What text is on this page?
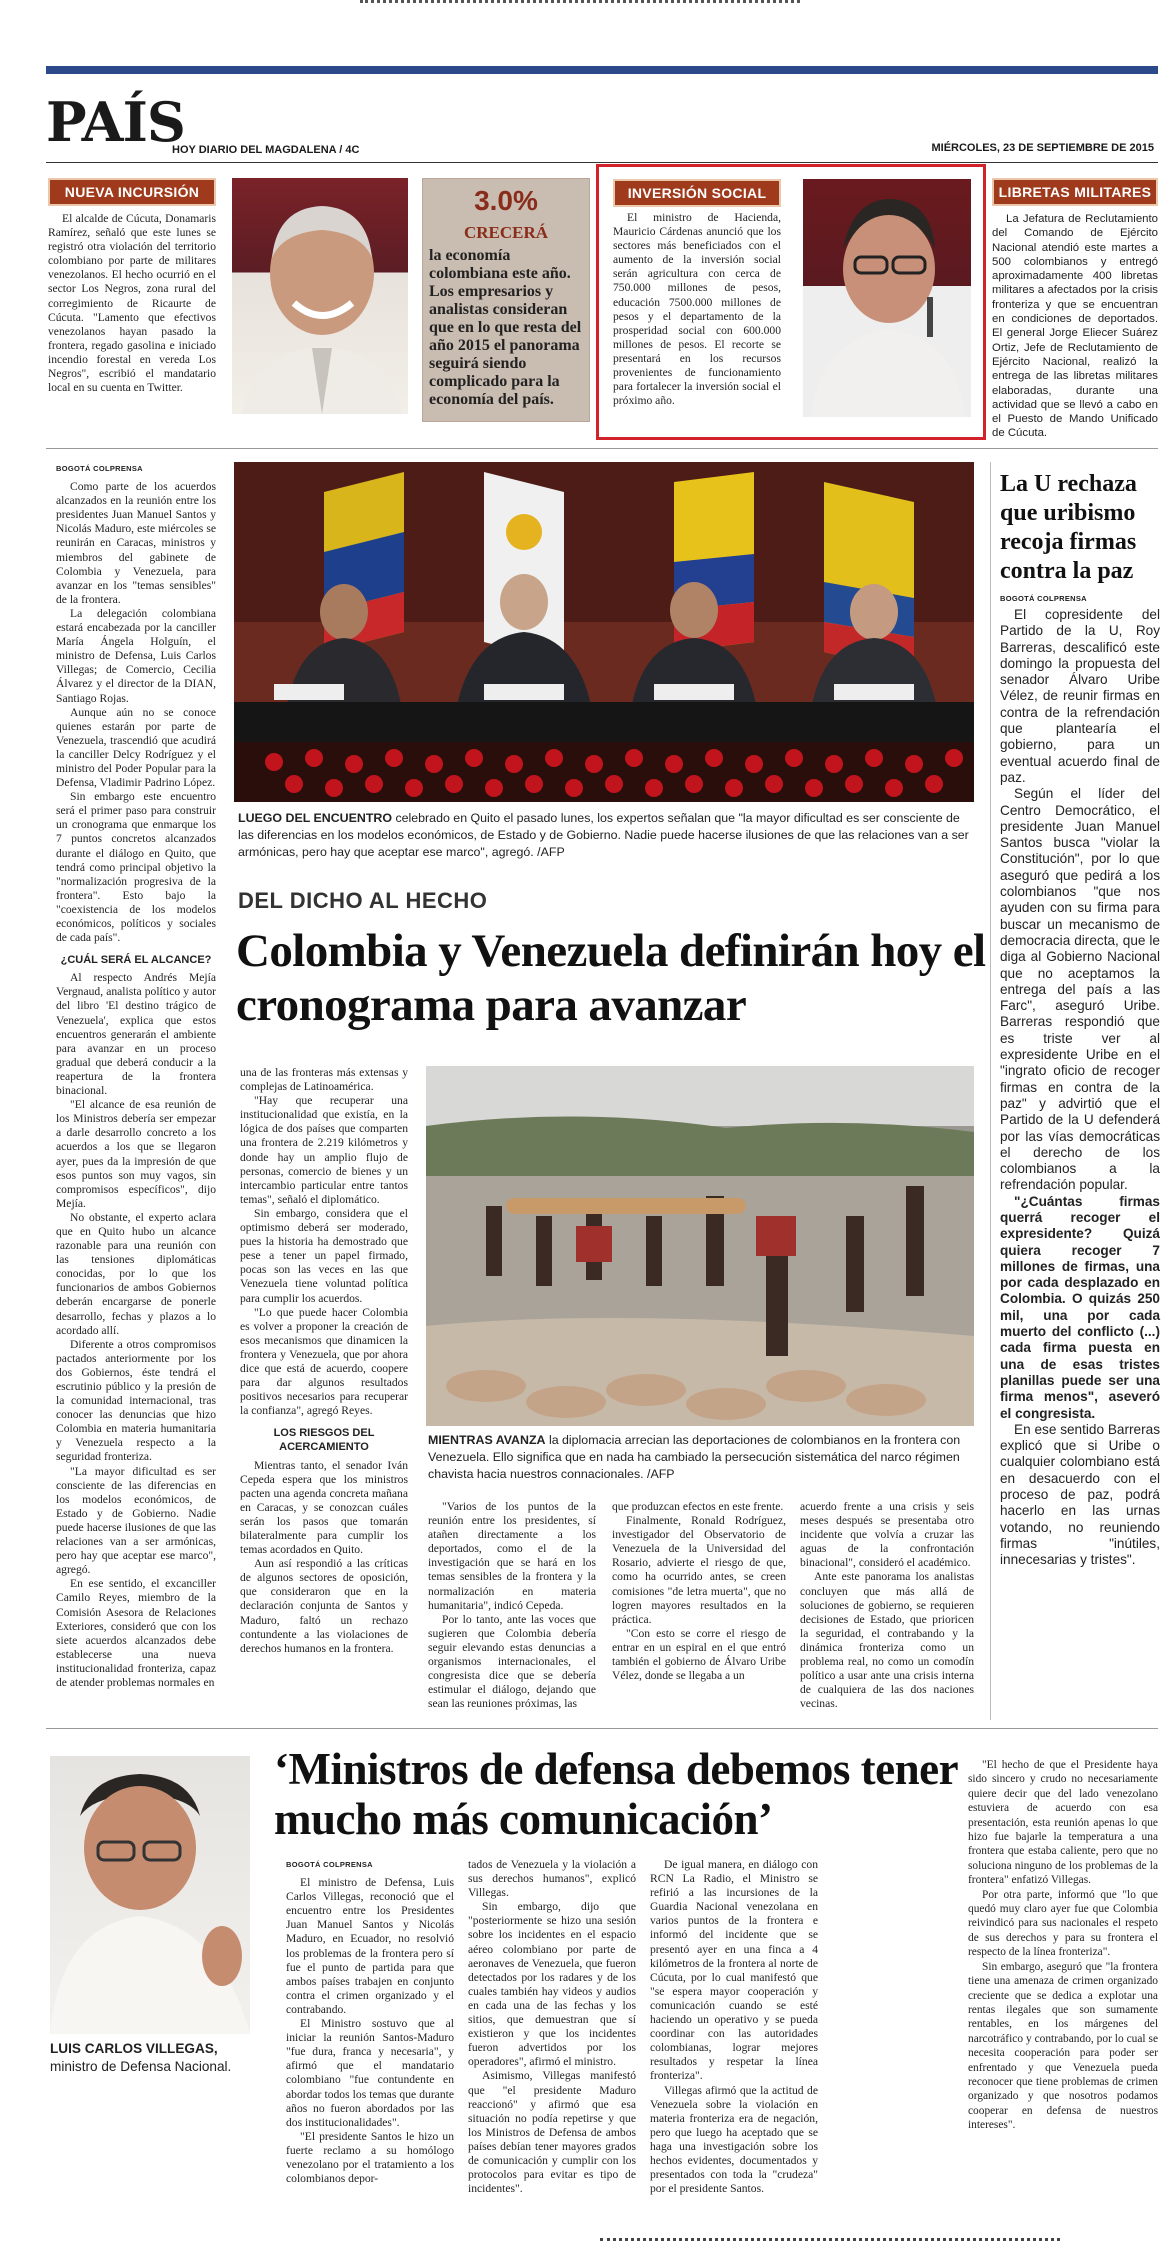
PAÍS
HOY DIARIO DEL MAGDALENA / 4C	MIÉRCOLES, 23 DE SEPTIEMBRE DE 2015
NUEVA INCURSIÓN
El alcalde de Cúcuta, Donamaris Ramírez, señaló que este lunes se registró otra violación del territorio colombiano por parte de militares venezolanos. El hecho ocurrió en el sector Los Negros, zona rural del corregimiento de Ricaurte de Cúcuta. "Lamento que efectivos venezolanos hayan pasado la frontera, regado gasolina e iniciado incendio forestal en vereda Los Negros", escribió el mandatario local en su cuenta en Twitter.
3.0%
CRECERÁ
la economía colombiana este año. Los empresarios y analistas consideran que en lo que resta del año 2015 el panorama seguirá siendo complicado para la economía del país.
INVERSIÓN SOCIAL
El ministro de Hacienda, Mauricio Cárdenas anunció que los sectores más beneficiados con el aumento de la inversión social serán agricultura con cerca de 750.000 millones de pesos, educación 7500.000 millones de pesos y el departamento de la prosperidad social con 600.000 millones de pesos. El recorte se presentará en los recursos provenientes de funcionamiento para fortalecer la inversión social el próximo año.
LIBRETAS MILITARES
La Jefatura de Reclutamiento del Comando de Ejército Nacional atendió este martes a 500 colombianos y entregó aproximadamente 400 libretas militares a afectados por la crisis fronteriza y que se encuentran en condiciones de deportados. El general Jorge Eliecer Suárez Ortiz, Jefe de Reclutamiento de Ejército Nacional, realizó la entrega de las libretas militares elaboradas, durante una actividad que se llevó a cabo en el Puesto de Mando Unificado de Cúcuta.
BOGOTÁ COLPRENSA

Como parte de los acuerdos alcanzados en la reunión entre los presidentes Juan Manuel Santos y Nicolás Maduro, este miércoles se reunirán en Caracas, ministros y miembros del gabinete de Colombia y Venezuela, para avanzar en los "temas sensibles" de la frontera.

La delegación colombiana estará encabezada por la canciller María Ángela Holguín, el ministro de Defensa, Luis Carlos Villegas; de Comercio, Cecilia Álvarez y el director de la DIAN, Santiago Rojas.

Aunque aún no se conoce quienes estarán por parte de Venezuela, trascendió que acudirá la canciller Delcy Rodríguez y el ministro del Poder Popular para la Defensa, Vladimir Padrino López.

Sin embargo este encuentro será el primer paso para construir un cronograma que enmarque los 7 puntos concretos alcanzados durante el diálogo en Quito, que tendrá como principal objetivo la "normalización progresiva de la frontera". Esto bajo la "coexistencia de los modelos económicos, políticos y sociales de cada país".

¿CUÁL SERÁ EL ALCANCE?

Al respecto Andrés Mejía Vergnaud, analista político y autor del libro 'El destino trágico de Venezuela', explica que estos encuentros generarán el ambiente para avanzar en un proceso gradual que deberá conducir a la reapertura de la frontera binacional.

"El alcance de esa reunión de los Ministros debería ser empezar a darle desarrollo concreto a los acuerdos a los que se llegaron ayer, pues da la impresión de que esos puntos son muy vagos, sin compromisos específicos", dijo Mejía.

No obstante, el experto aclara que en Quito hubo un alcance razonable para una reunión con las tensiones diplomáticas conocidas, por lo que los funcionarios de ambos Gobiernos deberán encargarse de ponerle desarrollo, fechas y plazos a lo acordado allí.

Diferente a otros compromisos pactados anteriormente por los dos Gobiernos, éste tendrá el escrutinio público y la presión de la comunidad internacional, tras conocer las denuncias que hizo Colombia en materia humanitaria y Venezuela respecto a la seguridad fronteriza.

"La mayor dificultad es ser consciente de las diferencias en los modelos económicos, de Estado y de Gobierno. Nadie puede hacerse ilusiones de que las relaciones van a ser armónicas, pero hay que aceptar ese marco", agregó.

En ese sentido, el excanciller Camilo Reyes, miembro de la Comisión Asesora de Relaciones Exteriores, consideró que con los siete acuerdos alcanzados debe establecerse una nueva institucionalidad fronteriza, capaz de atender problemas normales en

LUEGO DEL ENCUENTRO celebrado en Quito el pasado lunes, los expertos señalan que "la mayor dificultad es ser consciente de las diferencias en los modelos económicos, de Estado y de Gobierno. Nadie puede hacerse ilusiones de que las relaciones van a ser armónicas, pero hay que aceptar ese marco", agregó. /AFP
DEL DICHO AL HECHO
Colombia y Venezuela definirán hoy el cronograma para avanzar

una de las fronteras más extensas y complejas de Latinoamérica.

"Hay que recuperar una institucionalidad que existía, en la lógica de dos países que comparten una frontera de 2.219 kilómetros y donde hay un amplio flujo de personas, comercio de bienes y un intercambio particular entre tantos temas", señaló el diplomático.

Sin embargo, considera que el optimismo deberá ser moderado, pues la historia ha demostrado que pese a tener un papel firmado, pocas son las veces en las que Venezuela tiene voluntad política para cumplir los acuerdos.

"Lo que puede hacer Colombia es volver a proponer la creación de esos mecanismos que dinamicen la frontera y Venezuela, que por ahora dice que está de acuerdo, coopere para dar algunos resultados positivos necesarios para recuperar la confianza", agregó Reyes.

LOS RIESGOS DEL ACERCAMIENTO

Mientras tanto, el senador Iván Cepeda espera que los ministros pacten una agenda concreta mañana en Caracas, y se conozcan cuáles serán los pasos que tomarán bilateralmente para cumplir los temas acordados en Quito.

Aun así respondió a las críticas de algunos sectores de oposición, que consideraron que en la declaración conjunta de Santos y Maduro, faltó un rechazo contundente a las violaciones de derechos humanos en la frontera.

MIENTRAS AVANZA la diplomacia arrecian las deportaciones de colombianos en la frontera con Venezuela. Ello significa que en nada ha cambiado la persecución sistemática del narco régimen chavista hacia nuestros connacionales. /AFP

"Varios de los puntos de la reunión entre los presidentes, sí atañen directamente a los deportados, como el de la investigación que se hará en los temas sensibles de la frontera y la normalización en materia humanitaria", indicó Cepeda.

Por lo tanto, ante las voces que sugieren que Colombia debería seguir elevando estas denuncias a organismos internacionales, el congresista dice que se debería estimular el diálogo, dejando que sean las reuniones próximas, las

que produzcan efectos en este frente.

Finalmente, Ronald Rodríguez, investigador del Observatorio de Venezuela de la Universidad del Rosario, advierte el riesgo de que, como ha ocurrido antes, se creen comisiones "de letra muerta", que no logren mayores resultados en la práctica.

"Con esto se corre el riesgo de entrar en un espiral en el que entró también el gobierno de Álvaro Uribe Vélez, donde se llegaba a un

acuerdo frente a una crisis y seis meses después se presentaba otro incidente que volvía a cruzar las aguas de la confrontación binacional", consideró el académico.

Ante este panorama los analistas concluyen que más allá de soluciones de gobierno, se requieren decisiones de Estado, que prioricen la seguridad, el contrabando y la dinámica fronteriza como un problema real, no como un comodín político a usar ante una crisis interna de cualquiera de las dos naciones vecinas.

La U rechaza que uribismo recoja firmas contra la paz
BOGOTÁ COLPRENSA

El copresidente del Partido de la U, Roy Barreras, descalificó este domingo la propuesta del senador Álvaro Uribe Vélez, de reunir firmas en contra de la refrendación que plantearía el gobierno, para un eventual acuerdo final de paz.

Según el líder del Centro Democrático, el presidente Juan Manuel Santos busca "violar la Constitución", por lo que aseguró que pedirá a los colombianos "que nos ayuden con su firma para buscar un mecanismo de democracia directa, que le diga al Gobierno Nacional que no aceptamos la entrega del país a las Farc", aseguró Uribe. Barreras respondió que es triste ver al expresidente Uribe en el "ingrato oficio de recoger firmas en contra de la paz" y advirtió que el Partido de la U defenderá por las vías democráticas el derecho de los colombianos a la refrendación popular.

"¿Cuántas firmas querrá recoger el expresidente? Quizá quiera recoger 7 millones de firmas, una por cada desplazado en Colombia. O quizás 250 mil, una por cada muerto del conflicto (...) cada firma puesta en una de esas tristes planillas puede ser una firma menos", aseveró el congresista.

En ese sentido Barreras explicó que si Uribe o cualquier colombiano está en desacuerdo con el proceso de paz, podrá hacerlo en las urnas votando, no reuniendo firmas "inútiles, innecesarias y tristes".

LUIS CARLOS VILLEGAS, ministro de Defensa Nacional.
‘Ministros de defensa debemos tener mucho más comunicación’
BOGOTÁ COLPRENSA

El ministro de Defensa, Luis Carlos Villegas, reconoció que el encuentro entre los Presidentes Juan Manuel Santos y Nicolás Maduro, en Ecuador, no resolvió los problemas de la frontera pero sí fue el punto de partida para que ambos países trabajen en conjunto contra el crimen organizado y el contrabando.

El Ministro sostuvo que al iniciar la reunión Santos-Maduro "fue dura, franca y necesaria", y afirmó que el mandatario colombiano "fue contundente en abordar todos los temas que durante años no fueron abordados por las dos institucionalidades".

"El presidente Santos le hizo un fuerte reclamo a su homólogo venezolano por el tratamiento a los colombianos depor-

tados de Venezuela y la violación a sus derechos humanos", explicó Villegas.

Sin embargo, dijo que "posteriormente se hizo una sesión sobre los incidentes en el espacio aéreo colombiano por parte de aeronaves de Venezuela, que fueron detectados por los radares y de los cuales también hay videos y audios en cada una de las fechas y los sitios, que demuestran que sí existieron y que los incidentes fueron advertidos por los operadores", afirmó el ministro.

Asimismo, Villegas manifestó que "el presidente Maduro reaccionó" y afirmó que esa situación no podía repetirse y que los Ministros de Defensa de ambos países debían tener mayores grados de comunicación y cumplir con los protocolos para evitar es tipo de incidentes".

De igual manera, en diálogo con RCN La Radio, el Ministro se refirió a las incursiones de la Guardia Nacional venezolana en varios puntos de la frontera e informó del incidente que se presentó ayer en una finca a 4 kilómetros de la frontera al norte de Cúcuta, por lo cual manifestó que "se espera mayor cooperación y comunicación cuando se esté haciendo un operativo y se pueda coordinar con las autoridades colombianas, lograr mejores resultados y respetar la línea fronteriza".

Villegas afirmó que la actitud de Venezuela sobre la violación en materia fronteriza era de negación, pero que luego ha aceptado que se haga una investigación sobre los hechos evidentes, documentados y presentados con toda la "crudeza" por el presidente Santos.

"El hecho de que el Presidente haya sido sincero y crudo no necesariamente quiere decir que del lado venezolano estuviera de acuerdo con esa presentación, esta reunión apenas lo que hizo fue bajarle la temperatura a una frontera que estaba caliente, pero que no soluciona ninguno de los problemas de la frontera" enfatizó Villegas.

Por otra parte, informó que "lo que quedó muy claro ayer fue que Colombia reivindicó para sus nacionales el respeto de sus derechos y para su frontera el respecto de la línea fronteriza".

Sin embargo, aseguró que "la frontera tiene una amenaza de crimen organizado creciente que se dedica a explotar una rentas ilegales que son sumamente rentables, en los márgenes del narcotráfico y contrabando, por lo cual se necesita cooperación para poder ser enfrentado y que Venezuela pueda reconocer que tiene problemas de crimen organizado y que nosotros podamos cooperar en defensa de nuestros intereses".
